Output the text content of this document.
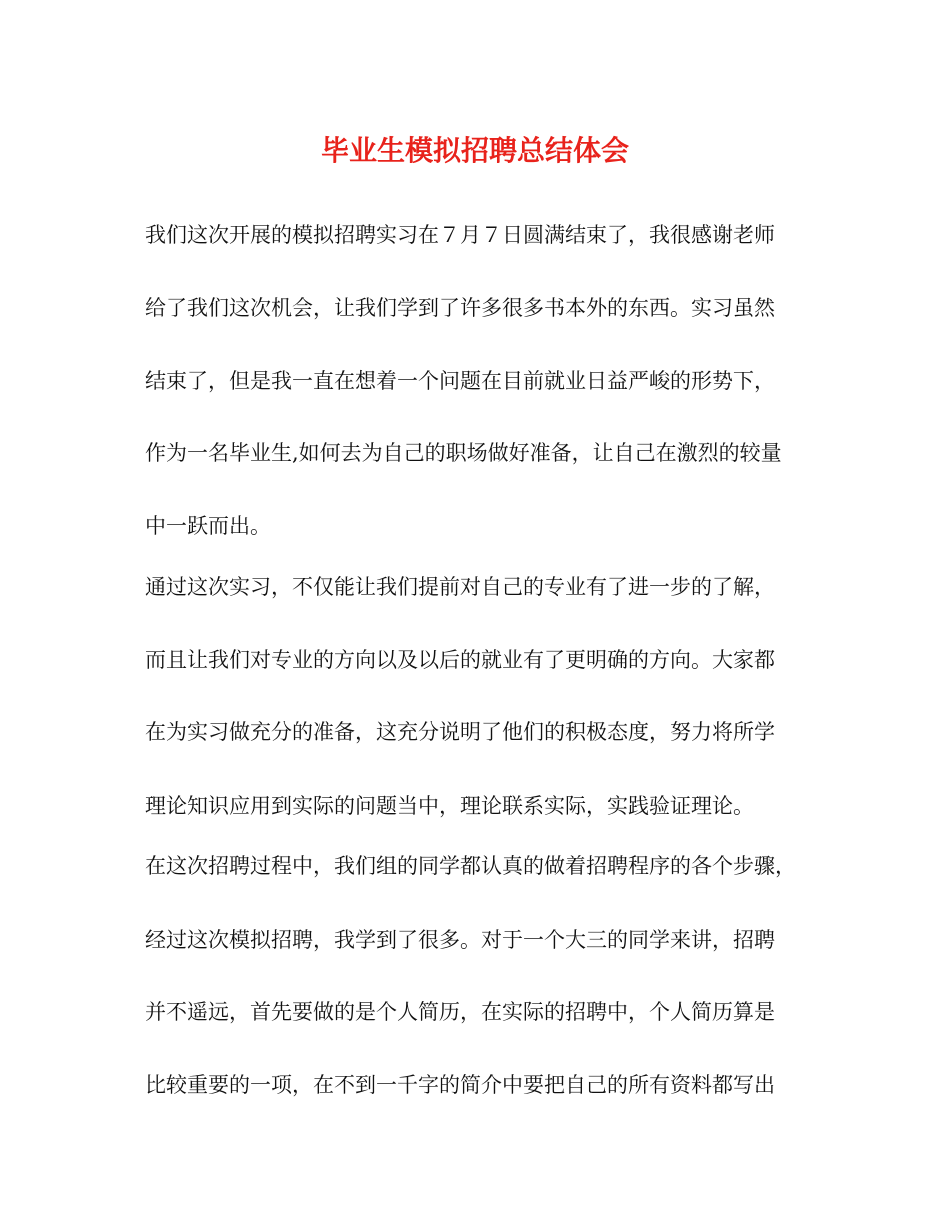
毕业生模拟招聘总结体会
我们这次开展的模拟招聘实习在７月７日圆满结束了，我很感谢老师
给了我们这次机会，让我们学到了许多很多书本外的东西。实习虽然
结束了，但是我一直在想着一个问题在目前就业日益严峻的形势下，
作为一名毕业生,如何去为自己的职场做好准备，让自己在激烈的较量
中一跃而出。
通过这次实习，不仅能让我们提前对自己的专业有了进一步的了解，
而且让我们对专业的方向以及以后的就业有了更明确的方向。大家都
在为实习做充分的准备，这充分说明了他们的积极态度，努力将所学
理论知识应用到实际的问题当中，理论联系实际，实践验证理论。
在这次招聘过程中，我们组的同学都认真的做着招聘程序的各个步骤，
经过这次模拟招聘，我学到了很多。对于一个大三的同学来讲，招聘
并不遥远，首先要做的是个人简历，在实际的招聘中，个人简历算是
比较重要的一项，在不到一千字的简介中要把自己的所有资料都写出
